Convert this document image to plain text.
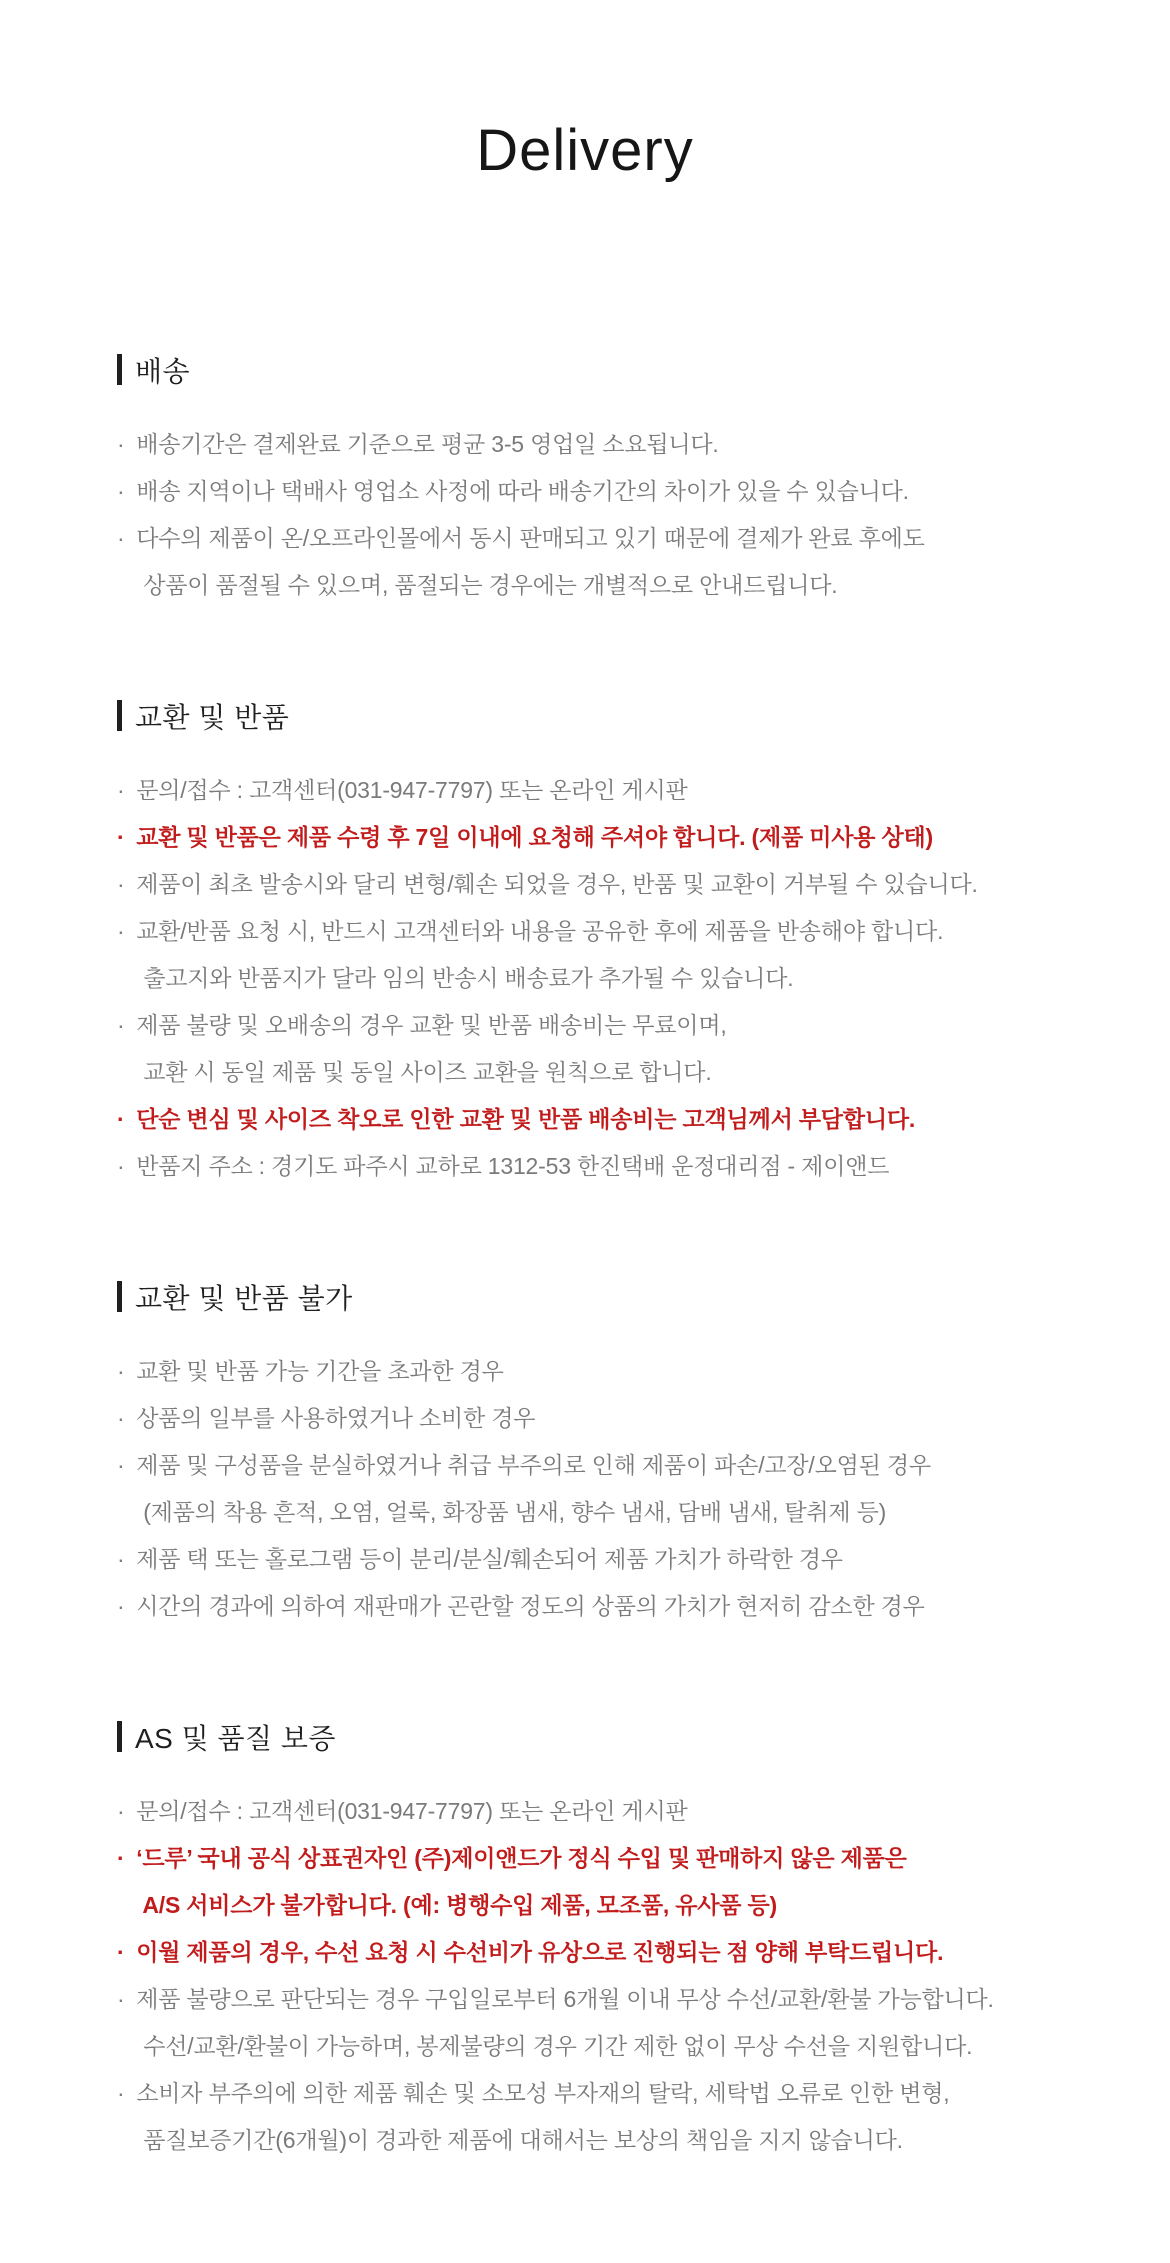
Delivery
배송

· 배송기간은 결제완료 기준으로 평균 3-5 영업일 소요됩니다.

· 배송 지역이나 택배사 영업소 사정에 따라 배송기간의 차이가 있을 수 있습니다.

· 다수의 제품이 온/오프라인몰에서 동시 판매되고 있기 때문에 결제가 완료 후에도

상품이 품절될 수 있으며, 품절되는 경우에는 개별적으로 안내드립니다.

교환 및 반품

· 문의/접수 : 고객센터(031-947-7797) 또는 온라인 게시판

· 교환 및 반품은 제품 수령 후 7일 이내에 요청해 주셔야 합니다. (제품 미사용 상태)

· 제품이 최초 발송시와 달리 변형/훼손 되었을 경우, 반품 및 교환이 거부될 수 있습니다.

· 교환/반품 요청 시, 반드시 고객센터와 내용을 공유한 후에 제품을 반송해야 합니다.

출고지와 반품지가 달라 임의 반송시 배송료가 추가될 수 있습니다.

· 제품 불량 및 오배송의 경우 교환 및 반품 배송비는 무료이며,

교환 시 동일 제품 및 동일 사이즈 교환을 원칙으로 합니다.

· 단순 변심 및 사이즈 착오로 인한 교환 및 반품 배송비는 고객님께서 부담합니다.

· 반품지 주소 : 경기도 파주시 교하로 1312-53 한진택배 운정대리점 - 제이앤드

교환 및 반품 불가

· 교환 및 반품 가능 기간을 초과한 경우

· 상품의 일부를 사용하였거나 소비한 경우

· 제품 및 구성품을 분실하였거나 취급 부주의로 인해 제품이 파손/고장/오염된 경우

(제품의 착용 흔적, 오염, 얼룩, 화장품 냄새, 향수 냄새, 담배 냄새, 탈취제 등)

· 제품 택 또는 홀로그램 등이 분리/분실/훼손되어 제품 가치가 하락한 경우

· 시간의 경과에 의하여 재판매가 곤란할 정도의 상품의 가치가 현저히 감소한 경우

AS 및 품질 보증

· 문의/접수 : 고객센터(031-947-7797) 또는 온라인 게시판

· ‘드루’ 국내 공식 상표권자인 (주)제이앤드가 정식 수입 및 판매하지 않은 제품은

A/S 서비스가 불가합니다. (예: 병행수입 제품, 모조품, 유사품 등)

· 이월 제품의 경우, 수선 요청 시 수선비가 유상으로 진행되는 점 양해 부탁드립니다.

· 제품 불량으로 판단되는 경우 구입일로부터 6개월 이내 무상 수선/교환/환불 가능합니다.

수선/교환/환불이 가능하며, 봉제불량의 경우 기간 제한 없이 무상 수선을 지원합니다.

· 소비자 부주의에 의한 제품 훼손 및 소모성 부자재의 탈락, 세탁법 오류로 인한 변형,

품질보증기간(6개월)이 경과한 제품에 대해서는 보상의 책임을 지지 않습니다.
